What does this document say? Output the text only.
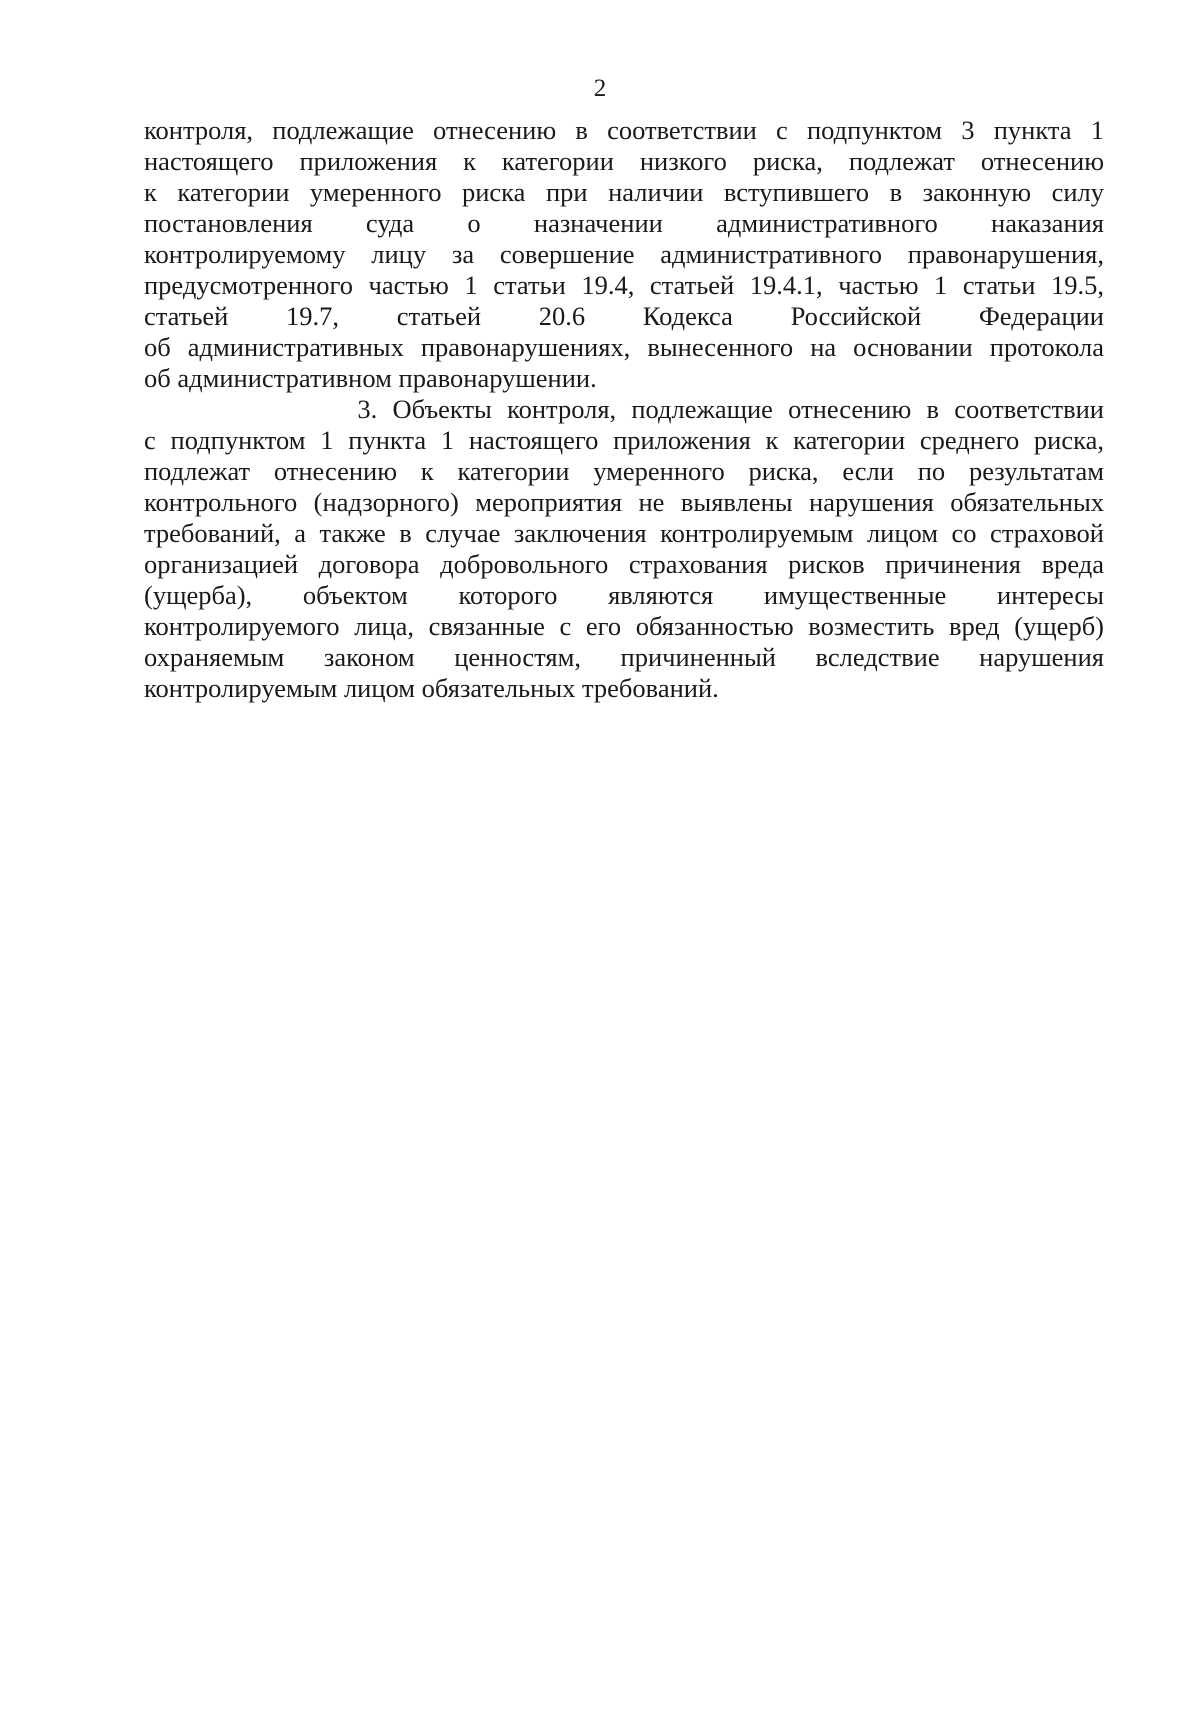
2
контроля, подлежащие отнесению в соответствии с подпунктом 3 пункта 1
настоящего приложения к категории низкого риска, подлежат отнесению
к категории умеренного риска при наличии вступившего в законную силу
постановления суда о назначении административного наказания
контролируемому лицу за совершение административного правонарушения,
предусмотренного частью 1 статьи 19.4, статьей 19.4.1, частью 1 статьи 19.5,
статьей 19.7, статьей 20.6 Кодекса Российской Федерации
об административных правонарушениях, вынесенного на основании протокола
об административном правонарушении.
3. Объекты контроля, подлежащие отнесению в соответствии
с подпунктом 1 пункта 1 настоящего приложения к категории среднего риска,
подлежат отнесению к категории умеренного риска, если по результатам
контрольного (надзорного) мероприятия не выявлены нарушения обязательных
требований, а также в случае заключения контролируемым лицом со страховой
организацией договора добровольного страхования рисков причинения вреда
(ущерба), объектом которого являются имущественные интересы
контролируемого лица, связанные с его обязанностью возместить вред (ущерб)
охраняемым законом ценностям, причиненный вследствие нарушения
контролируемым лицом обязательных требований.
